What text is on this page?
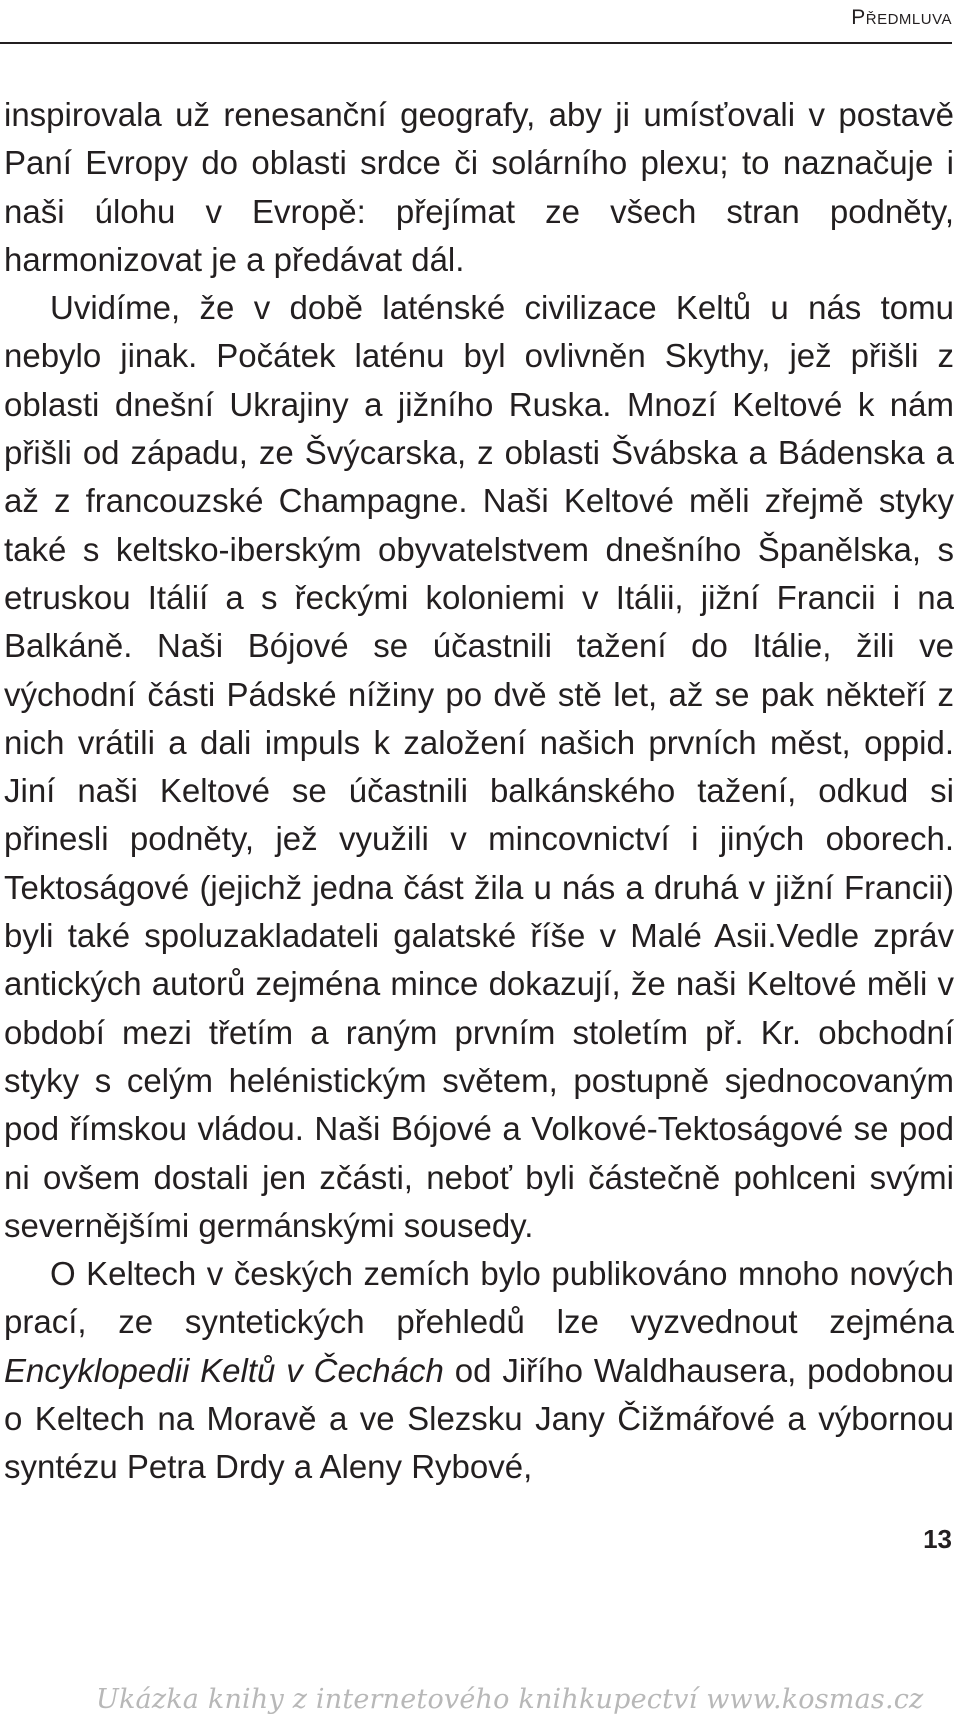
Předmluva

inspirovala už renesanční geografy, aby ji umísťovali v postavě Paní Evropy do oblasti srdce či solárního plexu; to naznačuje i naši úlohu v Evropě: přejímat ze všech stran podněty, harmonizovat je a předávat dál.

Uvidíme, že v době laténské civilizace Keltů u nás tomu nebylo jinak. Počátek laténu byl ovlivněn Skythy, jež přišli z oblasti dnešní Ukrajiny a jižního Ruska. Mnozí Keltové k nám přišli od západu, ze Švýcarska, z oblasti Švábska a Bádenska a až z francouzské Champagne. Naši Keltové měli zřejmě styky také s keltsko-iberským obyvatelstvem dnešního Španělska, s etruskou Itálií a s řeckými koloniemi v Itálii, jižní Francii i na Balkáně. Naši Bójové se účastnili tažení do Itálie, žili ve východní části Pádské nížiny po dvě stě let, až se pak někteří z nich vrátili a dali impuls k založení našich prvních měst, oppid. Jiní naši Keltové se účastnili balkánského tažení, odkud si přinesli podněty, jež využili v mincovnictví i jiných oborech. Tektoságové (jejichž jedna část žila u nás a druhá v jižní Francii) byli také spoluzakladateli galatské říše v Malé Asii.Vedle zpráv antických autorů zejména mince dokazují, že naši Keltové měli v období mezi třetím a raným prvním stoletím př. Kr. obchodní styky s celým helénistickým světem, postupně sjednocovaným pod římskou vládou. Naši Bójové a Volkové-Tektoságové se pod ni ovšem dostali jen zčásti, neboť byli částečně pohlceni svými severnějšími germánskými sousedy.

O Keltech v českých zemích bylo publikováno mnoho nových prací, ze syntetických přehledů lze vyzvednout zejména Encyklopedii Keltů v Čechách od Jiřího Waldhausera, podobnou o Keltech na Moravě a ve Slezsku Jany Čižmářové a výbornou syntézu Petra Drdy a Aleny Rybové,

13
Ukázka knihy z internetového knihkupectví www.kosmas.cz
